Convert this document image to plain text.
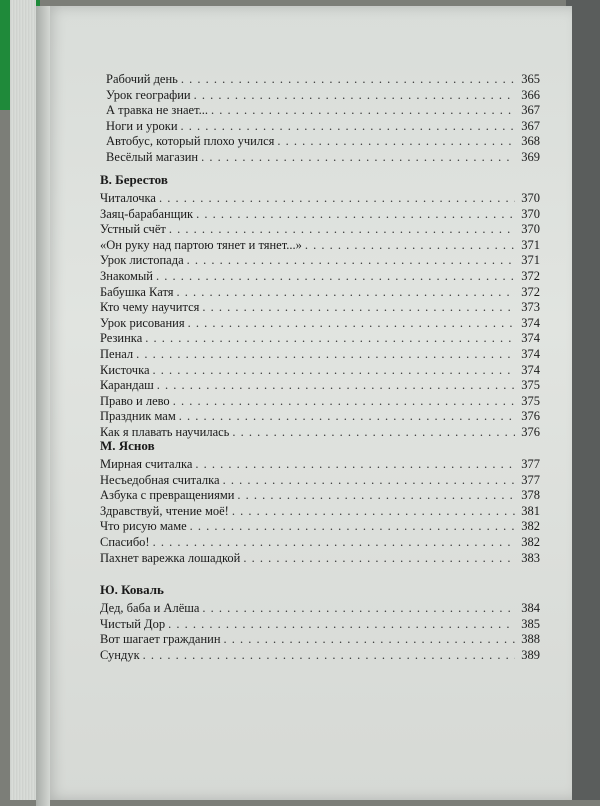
Рабочий день . . .	365
Урок географии . . .	366
А травка не знает... . . .	367
Ноги и уроки . . .	367
Автобус, который плохо учился . . .	368
Весёлый магазин . . .	369
В. Берестов
Читалочка . . .	370
Заяц-барабанщик . . .	370
Устный счёт . . .	370
«Он руку над партою тянет и тянет...» . . .	371
Урок листопада . . .	371
Знакомый . . .	372
Бабушка Катя . . .	372
Кто чему научится . . .	373
Урок рисования . . .	374
Резинка . . .	374
Пенал . . .	374
Кисточка . . .	374
Карандаш . . .	375
Право и лево . . .	375
Праздник мам . . .	376
Как я плавать научилась . . .	376
М. Яснов
Мирная считалка . . .	377
Несъедобная считалка . . .	377
Азбука с превращениями . . .	378
Здравствуй, чтение моё! . . .	381
Что рисую маме . . .	382
Спасибо! . . .	382
Пахнет варежка лошадкой . . .	383
Ю. Коваль
Дед, баба и Алёша . . .	384
Чистый Дор . . .	385
Вот шагает гражданин . . .	388
Сундук . . .	389
